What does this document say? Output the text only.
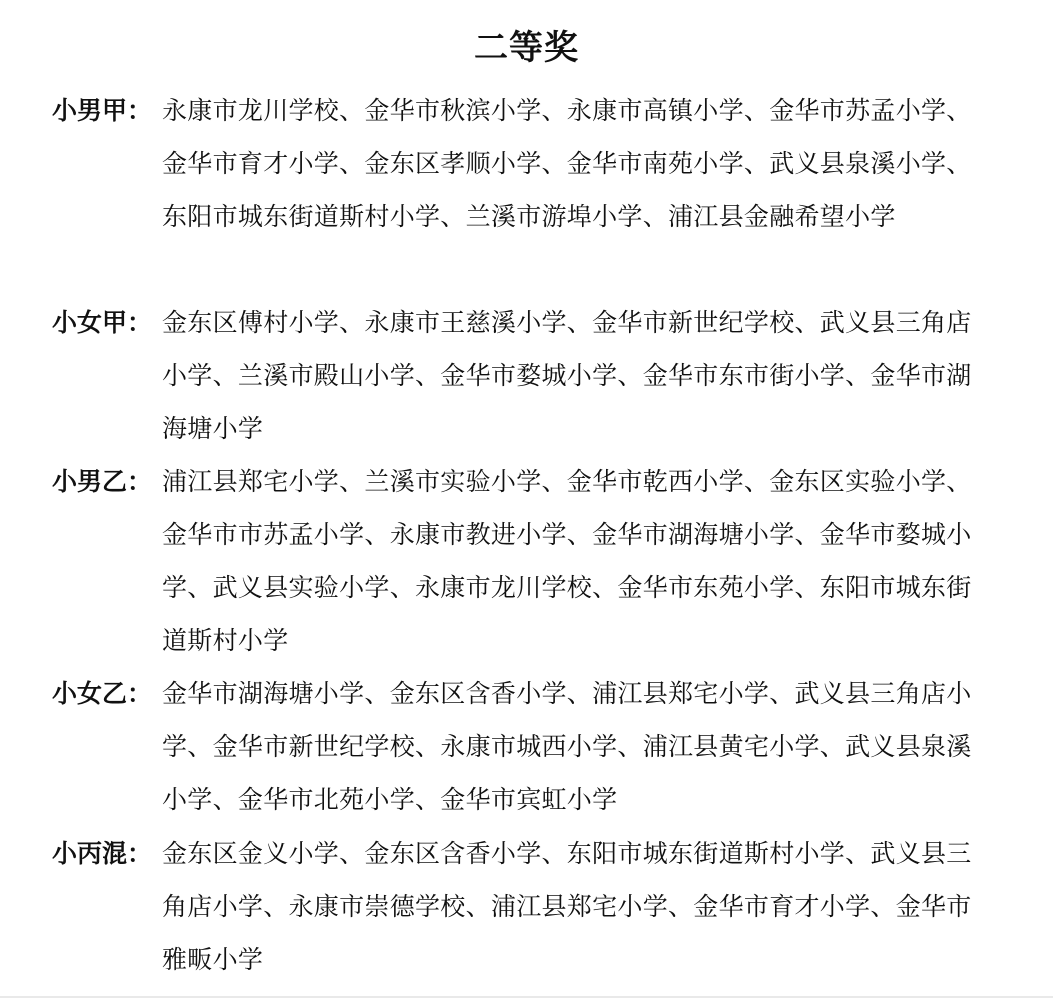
二等奖
小男甲： 永康市龙川学校、金华市秋滨小学、永康市高镇小学、金华市苏孟小学、金华市育才小学、金东区孝顺小学、金华市南苑小学、武义县泉溪小学、东阳市城东街道斯村小学、兰溪市游埠小学、浦江县金融希望小学
小女甲： 金东区傅村小学、永康市王慈溪小学、金华市新世纪学校、武义县三角店小学、兰溪市殿山小学、金华市婺城小学、金华市东市街小学、金华市湖海塘小学
小男乙： 浦江县郑宅小学、兰溪市实验小学、金华市乾西小学、金东区实验小学、金华市市苏孟小学、永康市教进小学、金华市湖海塘小学、金华市婺城小学、武义县实验小学、永康市龙川学校、金华市东苑小学、东阳市城东街道斯村小学
小女乙： 金华市湖海塘小学、金东区含香小学、浦江县郑宅小学、武义县三角店小学、金华市新世纪学校、永康市城西小学、浦江县黄宅小学、武义县泉溪小学、金华市北苑小学、金华市宾虹小学
小丙混： 金东区金义小学、金东区含香小学、东阳市城东街道斯村小学、武义县三角店小学、永康市崇德学校、浦江县郑宅小学、金华市育才小学、金华市雅畈小学
